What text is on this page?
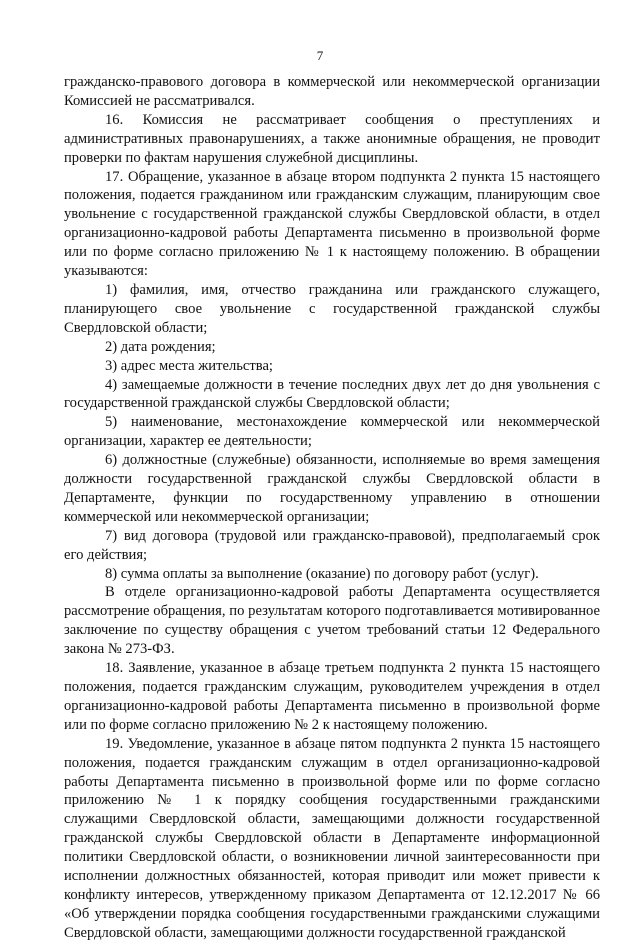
7

гражданско-правового договора в коммерческой или некоммерческой организации Комиссией не рассматривался.

16. Комиссия не рассматривает сообщения о преступлениях и административных правонарушениях, а также анонимные обращения, не проводит проверки по фактам нарушения служебной дисциплины.

17. Обращение, указанное в абзаце втором подпункта 2 пункта 15 настоящего положения, подается гражданином или гражданским служащим, планирующим свое увольнение с государственной гражданской службы Свердловской области, в отдел организационно-кадровой работы Департамента письменно в произвольной форме или по форме согласно приложению № 1 к настоящему положению. В обращении указываются:

1) фамилия, имя, отчество гражданина или гражданского служащего, планирующего свое увольнение с государственной гражданской службы Свердловской области;

2) дата рождения;

3) адрес места жительства;

4) замещаемые должности в течение последних двух лет до дня увольнения с государственной гражданской службы Свердловской области;

5) наименование, местонахождение коммерческой или некоммерческой организации, характер ее деятельности;

6) должностные (служебные) обязанности, исполняемые во время замещения должности государственной гражданской службы Свердловской области в Департаменте, функции по государственному управлению в отношении коммерческой или некоммерческой организации;

7) вид договора (трудовой или гражданско-правовой), предполагаемый срок его действия;

8) сумма оплаты за выполнение (оказание) по договору работ (услуг).

В отделе организационно-кадровой работы Департамента осуществляется рассмотрение обращения, по результатам которого подготавливается мотивированное заключение по существу обращения с учетом требований статьи 12 Федерального закона № 273-ФЗ.

18. Заявление, указанное в абзаце третьем подпункта 2 пункта 15 настоящего положения, подается гражданским служащим, руководителем учреждения в отдел организационно-кадровой работы Департамента письменно в произвольной форме или по форме согласно приложению № 2 к настоящему положению.

19. Уведомление, указанное в абзаце пятом подпункта 2 пункта 15 настоящего положения, подается гражданским служащим в отдел организационно-кадровой работы Департамента письменно в произвольной форме или по форме согласно приложению № 1 к порядку сообщения государственными гражданскими служащими Свердловской области, замещающими должности государственной гражданской службы Свердловской области в Департаменте информационной политики Свердловской области, о возникновении личной заинтересованности при исполнении должностных обязанностей, которая приводит или может привести к конфликту интересов, утвержденному приказом Департамента от 12.12.2017 № 66 «Об утверждении порядка сообщения государственными гражданскими служащими Свердловской области, замещающими должности государственной гражданской
